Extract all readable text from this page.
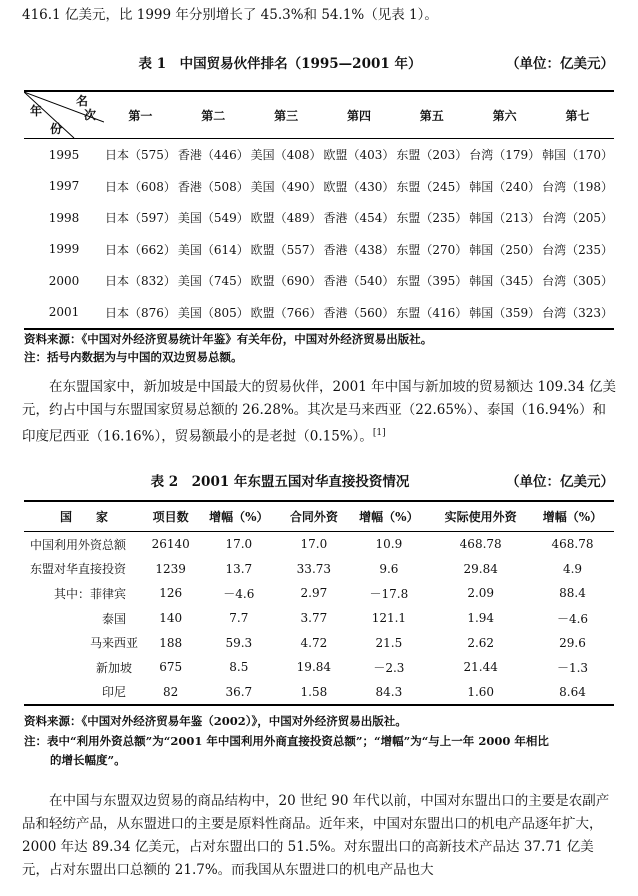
416.1 亿美元，比 1999 年分别增长了 45.3%和 54.1%（见表 1）。
表 1　中国贸易伙伴排名（1995—2001 年）	（单位：亿美元）
名
次
年
份	第一	第二	第三	第四	第五	第六	第七
1995	日本（575）	香港（446）	美国（408）	欧盟（403）	东盟（203）	台湾（179）	韩国（170）
1997	日本（608）	香港（508）	美国（490）	欧盟（430）	东盟（245）	韩国（240）	台湾（198）
1998	日本（597）	美国（549）	欧盟（489）	香港（454）	东盟（235）	韩国（213）	台湾（205）
1999	日本（662）	美国（614）	欧盟（557）	香港（438）	东盟（270）	韩国（250）	台湾（235）
2000	日本（832）	美国（745）	欧盟（690）	香港（540）	东盟（395）	韩国（345）	台湾（305）
2001	日本（876）	美国（805）	欧盟（766）	香港（560）	东盟（416）	韩国（359）	台湾（323）
资料来源：《中国对外经济贸易统计年鉴》有关年份，中国对外经济贸易出版社。
注：括号内数据为与中国的双边贸易总额。
在东盟国家中，新加坡是中国最大的贸易伙伴，2001 年中国与新加坡的贸易额达 109.34 亿美元，约占中国与东盟国家贸易总额的 26.28%。其次是马来西亚（22.65%）、泰国（16.94%）和印度尼西亚（16.16%），贸易额最小的是老挝（0.15%）。[1]
表 2　2001 年东盟五国对华直接投资情况	（单位：亿美元）
国　　家	项目数	增幅（%）	合同外资	增幅（%）	实际使用外资	增幅（%）
中国利用外资总额	26140	17.0	17.0	10.9	468.78	468.78
东盟对华直接投资	1239	13.7	33.73	9.6	29.84	4.9
其中：菲律宾	126	－4.6	2.97	－17.8	2.09	88.4
泰国	140	7.7	3.77	121.1	1.94	－4.6
马来西亚	188	59.3	4.72	21.5	2.62	29.6
新加坡	675	8.5	19.84	－2.3	21.44	－1.3
印尼	82	36.7	1.58	84.3	1.60	8.64
资料来源：《中国对外经济贸易年鉴（2002）》，中国对外经济贸易出版社。
注：表中“利用外资总额”为“2001 年中国利用外商直接投资总额”；“增幅”为“与上一年 2000 年相比
的增长幅度”。
在中国与东盟双边贸易的商品结构中，20 世纪 90 年代以前，中国对东盟出口的主要是农副产品和轻纺产品，从东盟进口的主要是原料性商品。近年来，中国对东盟出口的机电产品逐年扩大，2000 年达 89.34 亿美元，占对东盟出口的 51.5%。对东盟出口的高新技术产品达 37.71 亿美元，占对东盟出口总额的 21.7%。而我国从东盟进口的机电产品也大
